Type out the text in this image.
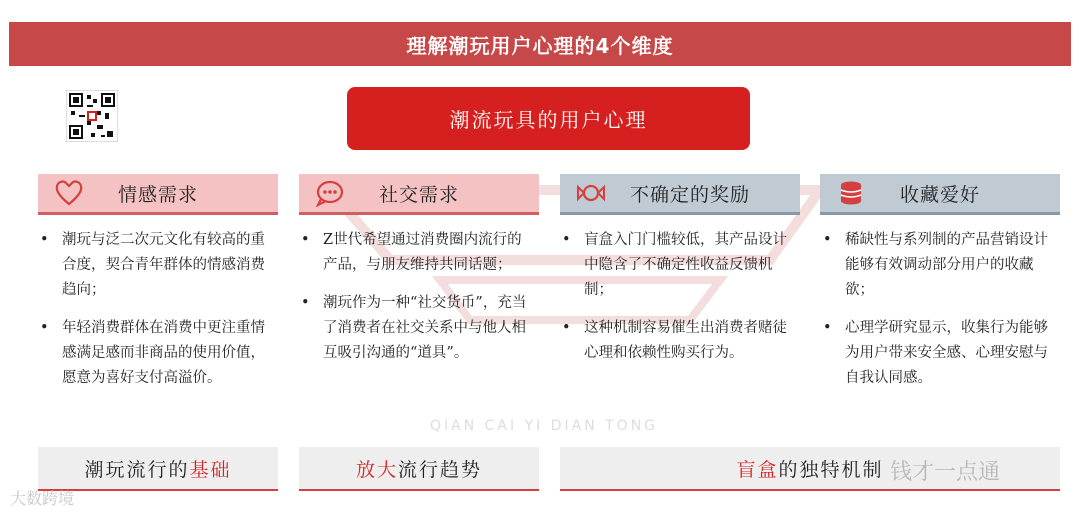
理解潮玩用户心理的4个维度
潮流玩具的用户心理
情感需求	社交需求	不确定的奖励	收藏爱好
• 潮玩与泛二次元文化有较高的重合度，契合青年群体的情感消费趋向；
• 年轻消费群体在消费中更注重情感满足感而非商品的使用价值，愿意为喜好支付高溢价。
• Z世代希望通过消费圈内流行的产品，与朋友维持共同话题；
• 潮玩作为一种“社交货币”，充当了消费者在社交关系中与他人相互吸引沟通的“道具”。
• 盲盒入门门槛较低，其产品设计中隐含了不确定性收益反馈机制；
• 这种机制容易催生出消费者赌徒心理和依赖性购买行为。
• 稀缺性与系列制的产品营销设计能够有效调动部分用户的收藏欲；
• 心理学研究显示，收集行为能够为用户带来安全感、心理安慰与自我认同感。
QIAN CAI YI DIAN TONG
潮玩流行的 基础	放大 流行趋势	盲盒 的独特机制 钱才一点通
大数跨境
